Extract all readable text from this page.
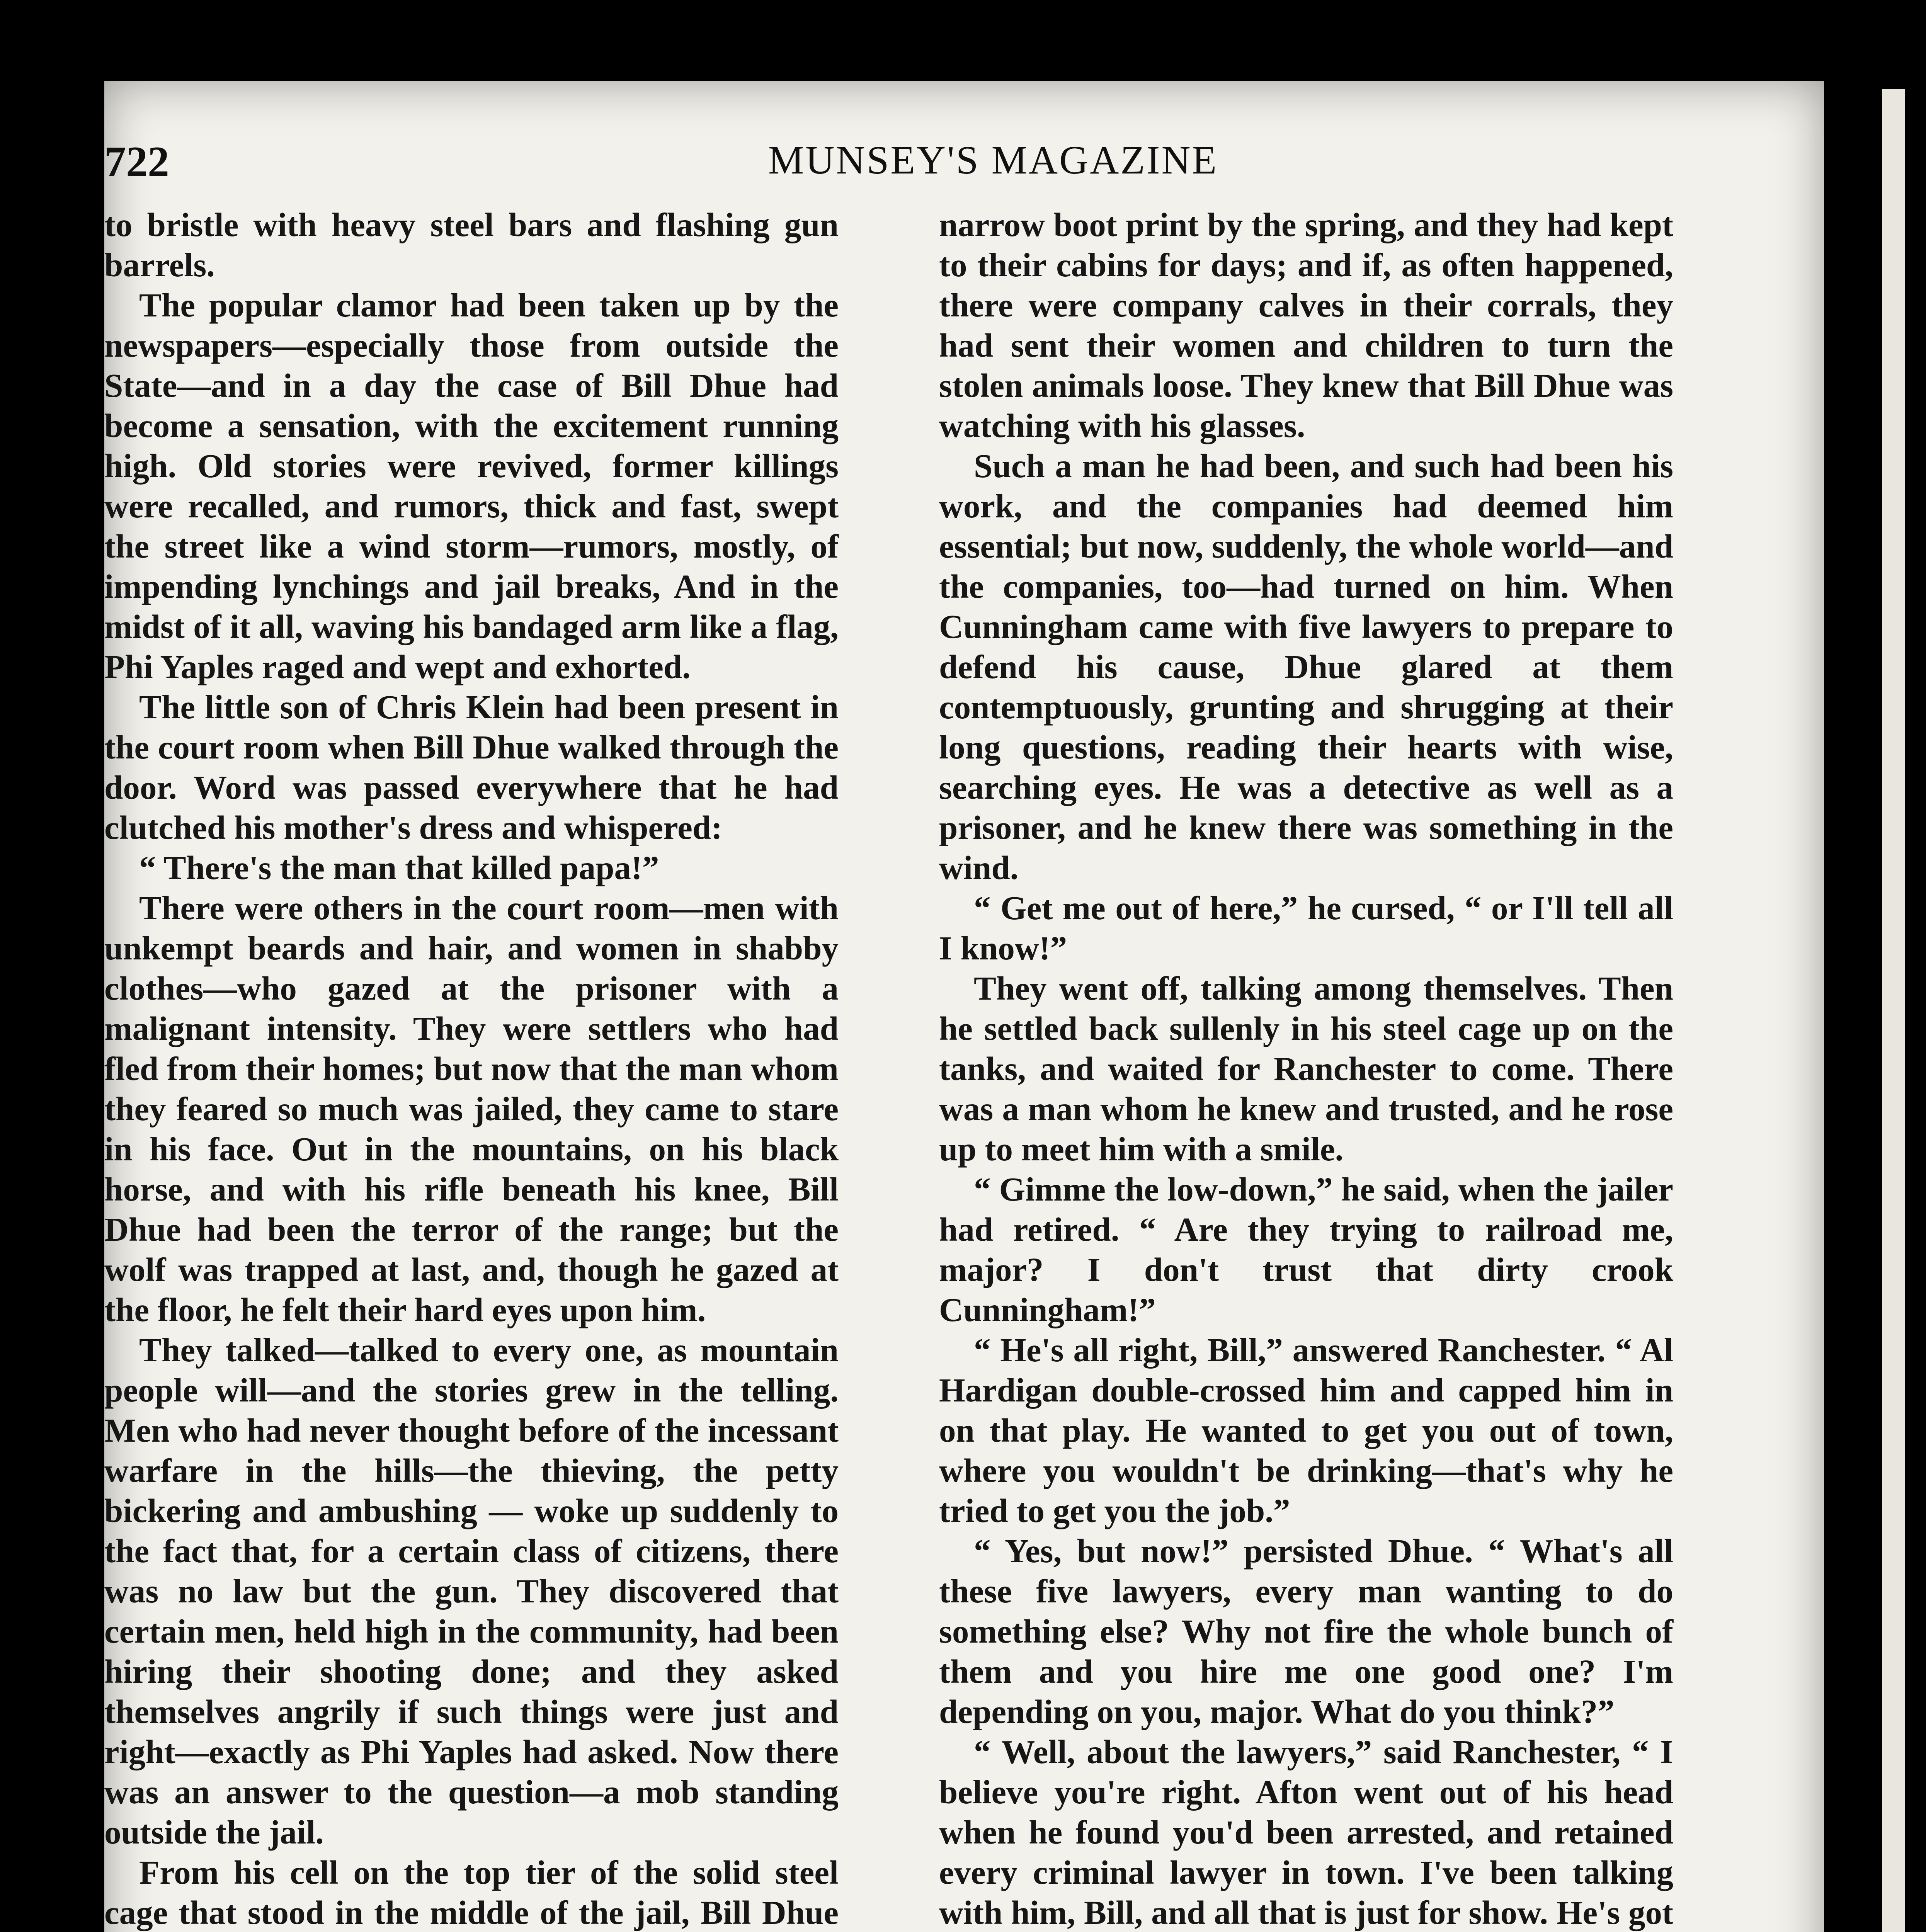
722	MUNSEY'S MAGAZINE

to bristle with heavy steel bars and flashing gun barrels.

The popular clamor had been taken up by the newspapers—especially those from outside the State—and in a day the case of Bill Dhue had become a sensation, with the excitement running high. Old stories were revived, former killings were recalled, and rumors, thick and fast, swept the street like a wind storm—rumors, mostly, of impending lynchings and jail breaks, And in the midst of it all, waving his bandaged arm like a flag, Phi Yaples raged and wept and exhorted.

The little son of Chris Klein had been present in the court room when Bill Dhue walked through the door. Word was passed everywhere that he had clutched his mother's dress and whispered:

“ There's the man that killed papa!”

There were others in the court room—men with unkempt beards and hair, and women in shabby clothes—who gazed at the prisoner with a malignant intensity. They were settlers who had fled from their homes; but now that the man whom they feared so much was jailed, they came to stare in his face. Out in the mountains, on his black horse, and with his rifle beneath his knee, Bill Dhue had been the terror of the range; but the wolf was trapped at last, and, though he gazed at the floor, he felt their hard eyes upon him.

They talked—talked to every one, as mountain people will—and the stories grew in the telling. Men who had never thought before of the incessant warfare in the hills—the thieving, the petty bickering and ambushing — woke up suddenly to the fact that, for a certain class of citizens, there was no law but the gun. They discovered that certain men, held high in the community, had been hiring their shooting done; and they asked themselves angrily if such things were just and right—exactly as Phi Yaples had asked. Now there was an answer to the question—a mob standing outside the jail.

From his cell on the top tier of the solid steel cage that stood in the middle of the jail, Bill Dhue

narrow boot print by the spring, and they had kept to their cabins for days; and if, as often happened, there were company calves in their corrals, they had sent their women and children to turn the stolen animals loose. They knew that Bill Dhue was watching with his glasses.

Such a man he had been, and such had been his work, and the companies had deemed him essential; but now, suddenly, the whole world—and the companies, too—had turned on him. When Cunningham came with five lawyers to prepare to defend his cause, Dhue glared at them contemptuously, grunting and shrugging at their long questions, reading their hearts with wise, searching eyes. He was a detective as well as a prisoner, and he knew there was something in the wind.

“ Get me out of here,” he cursed, “ or I'll tell all I know!”

They went off, talking among themselves. Then he settled back sullenly in his steel cage up on the tanks, and waited for Ranchester to come. There was a man whom he knew and trusted, and he rose up to meet him with a smile.

“ Gimme the low-down,” he said, when the jailer had retired. “ Are they trying to railroad me, major? I don't trust that dirty crook Cunningham!”

“ He's all right, Bill,” answered Ranchester. “ Al Hardigan double-crossed him and capped him in on that play. He wanted to get you out of town, where you wouldn't be drinking—that's why he tried to get you the job.”

“ Yes, but now!” persisted Dhue. “ What's all these five lawyers, every man wanting to do something else? Why not fire the whole bunch of them and you hire me one good one? I'm depending on you, major. What do you think?”

“ Well, about the lawyers,” said Ranchester, “ I believe you're right. Afton went out of his head when he found you'd been arrested, and retained every criminal lawyer in town. I've been talking with him, Bill, and all that is just for show. He's got
